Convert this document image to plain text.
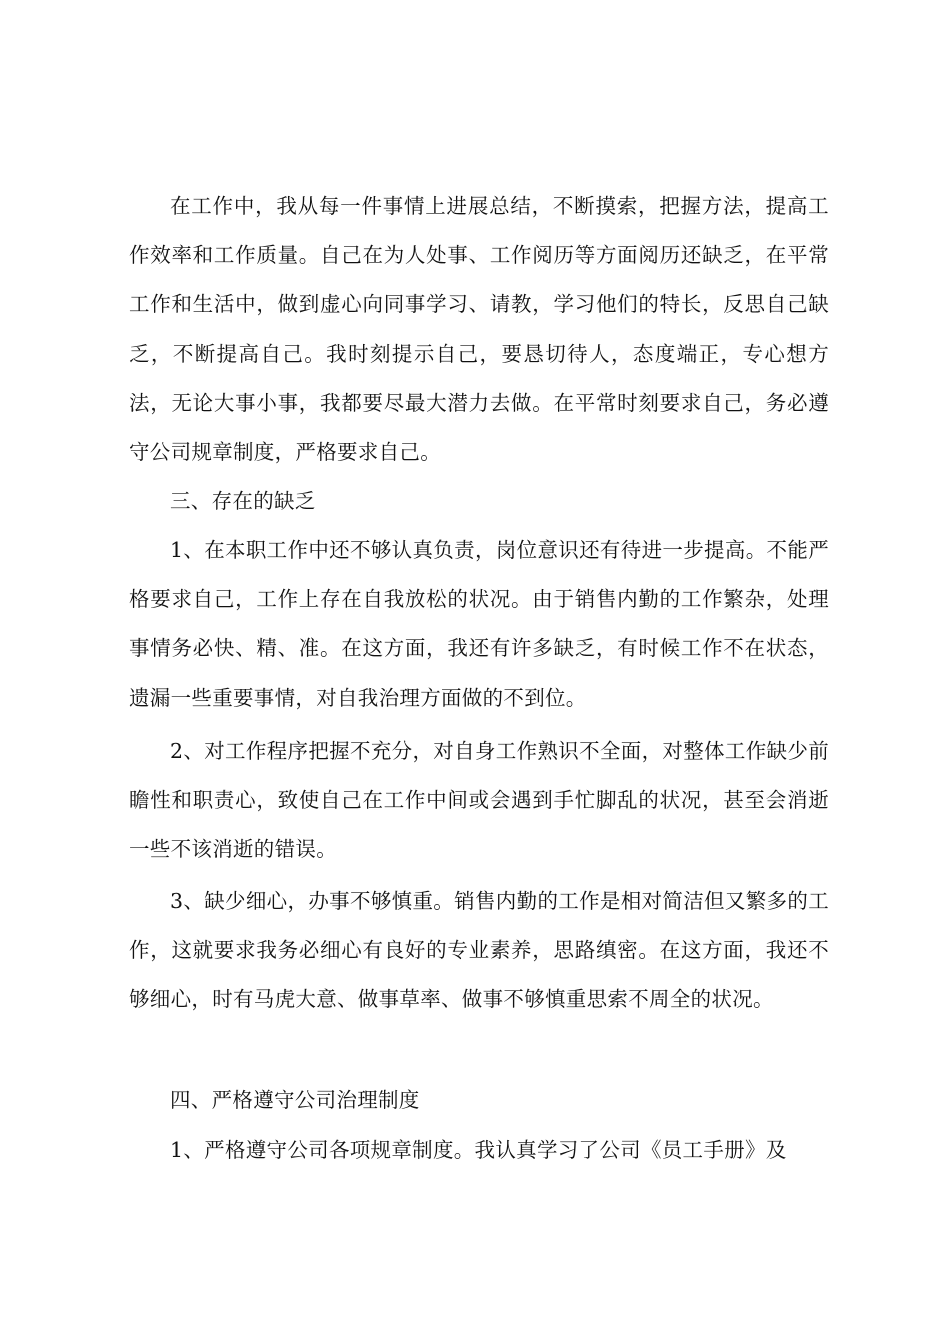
在工作中，我从每一件事情上进展总结，不断摸索，把握方法，提高工作效率和工作质量。自己在为人处事、工作阅历等方面阅历还缺乏，在平常工作和生活中，做到虚心向同事学习、请教，学习他们的特长，反思自己缺乏，不断提高自己。我时刻提示自己，要恳切待人，态度端正，专心想方法，无论大事小事，我都要尽最大潜力去做。在平常时刻要求自己，务必遵守公司规章制度，严格要求自己。

三、存在的缺乏

1、在本职工作中还不够认真负责，岗位意识还有待进一步提高。不能严格要求自己，工作上存在自我放松的状况。由于销售内勤的工作繁杂，处理事情务必快、精、准。在这方面，我还有许多缺乏，有时候工作不在状态，遗漏一些重要事情，对自我治理方面做的不到位。

2、对工作程序把握不充分，对自身工作熟识不全面，对整体工作缺少前瞻性和职责心，致使自己在工作中间或会遇到手忙脚乱的状况，甚至会消逝一些不该消逝的错误。

3、缺少细心，办事不够慎重。销售内勤的工作是相对简洁但又繁多的工作，这就要求我务必细心有良好的专业素养，思路缜密。在这方面，我还不够细心，时有马虎大意、做事草率、做事不够慎重思索不周全的状况。

四、严格遵守公司治理制度

1、严格遵守公司各项规章制度。我认真学习了公司《员工手册》及
